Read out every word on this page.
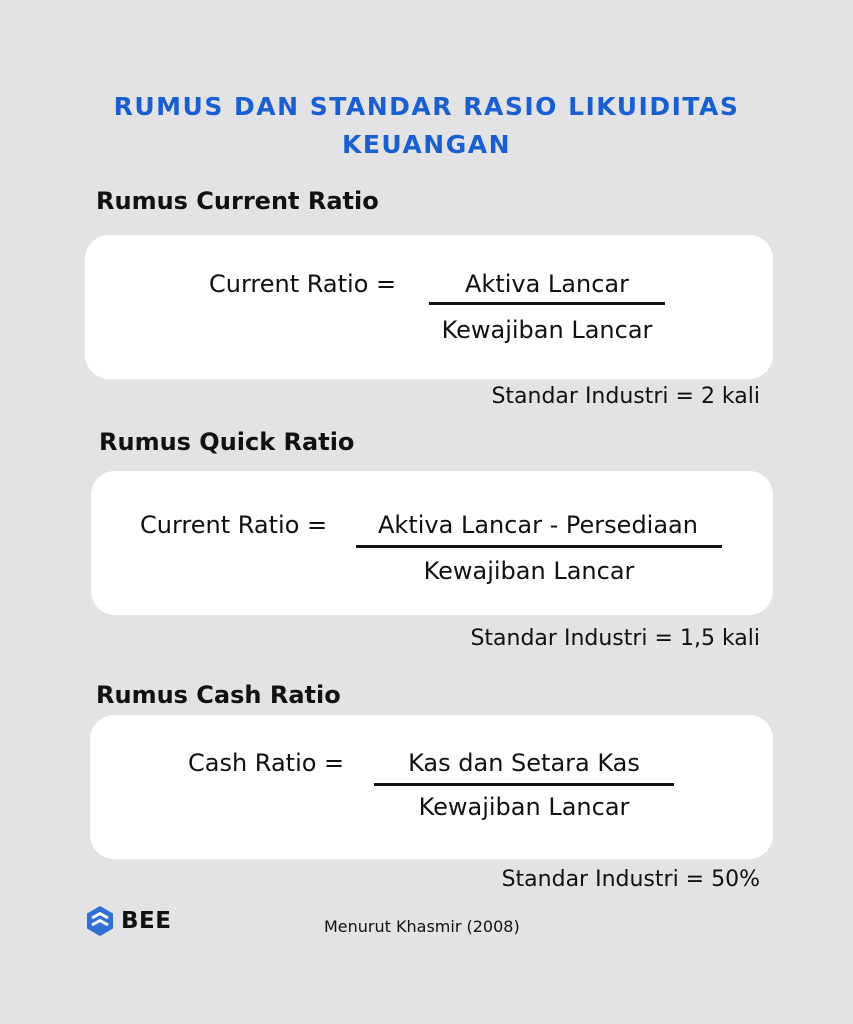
RUMUS DAN STANDAR RASIO LIKUIDITAS
KEUANGAN
Rumus Current Ratio
Current Ratio =	Aktiva Lancar
Kewajiban Lancar
Standar Industri = 2 kali
Rumus Quick Ratio
Current Ratio =	Aktiva Lancar - Persediaan
Kewajiban Lancar
Standar Industri = 1,5 kali
Rumus Cash Ratio
Cash Ratio =	Kas dan Setara Kas
Kewajiban Lancar
Standar Industri = 50%
BEE	Menurut Khasmir (2008)
